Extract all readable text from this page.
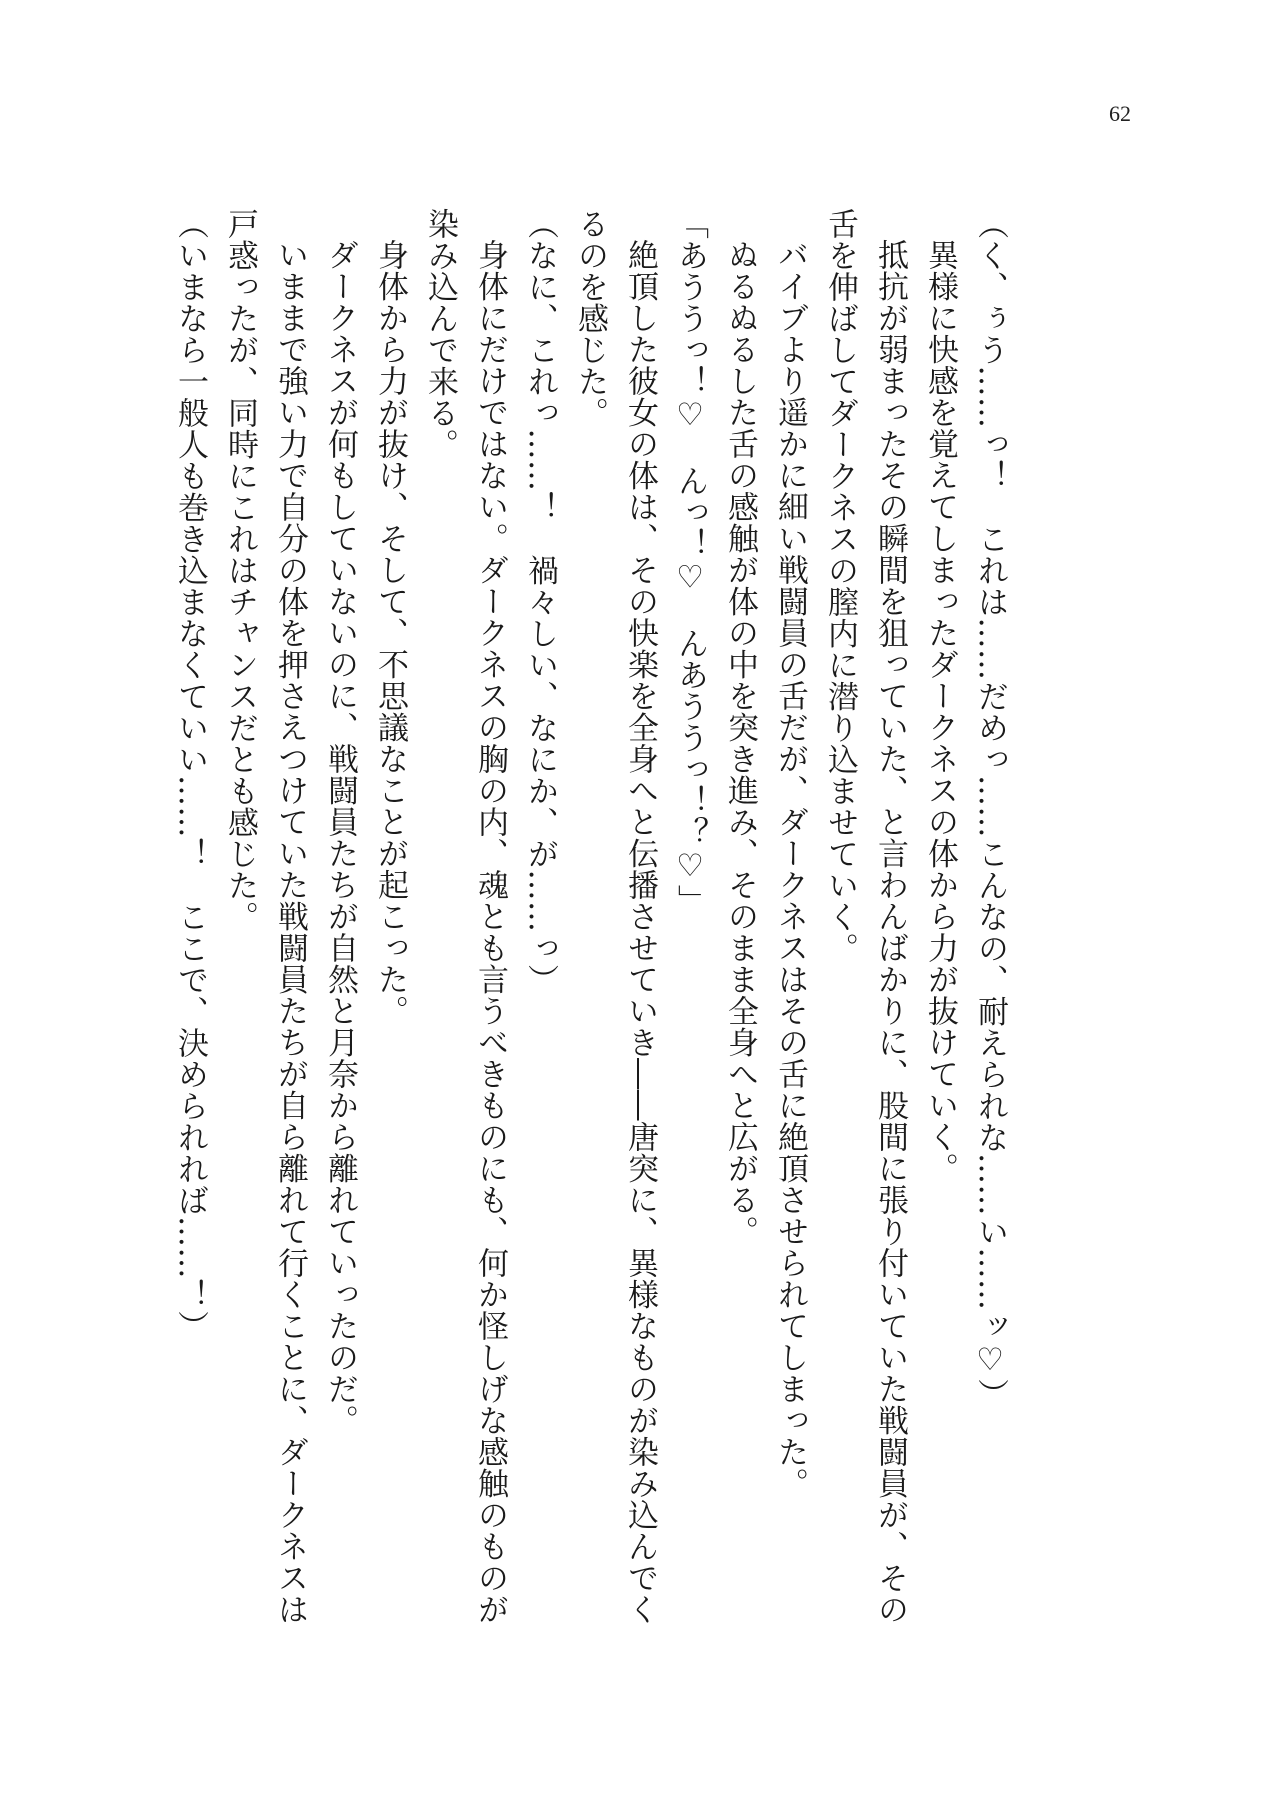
62

（く、ぅう……っ！　これは……だめっ……こんなの、耐えられな……い……ッ♡）

異様に快感を覚えてしまったダークネスの体から力が抜けていく。

抵抗が弱まったその瞬間を狙っていた、と言わんばかりに、股間に張り付いていた戦闘員が、その舌を伸ばしてダークネスの膣内に潜り込ませていく。

バイブより遥かに細い戦闘員の舌だが、ダークネスはその舌に絶頂させられてしまった。

ぬるぬるした舌の感触が体の中を突き進み、そのまま全身へと広がる。

「あううっ！♡　んっ！♡　んあううっ！？♡」

絶頂した彼女の体は、その快楽を全身へと伝播させていき――唐突に、異様なものが染み込んでくるのを感じた。

（なに、これっ……！　禍々しい、なにか、が……っ）

身体にだけではない。ダークネスの胸の内、魂とも言うべきものにも、何か怪しげな感触のものが染み込んで来る。

身体から力が抜け、そして、不思議なことが起こった。

ダークネスが何もしていないのに、戦闘員たちが自然と月奈から離れていったのだ。

いままで強い力で自分の体を押さえつけていた戦闘員たちが自ら離れて行くことに、ダークネスは戸惑ったが、同時にこれはチャンスだとも感じた。

（いまなら一般人も巻き込まなくていい……！　ここで、決められれば……！）
